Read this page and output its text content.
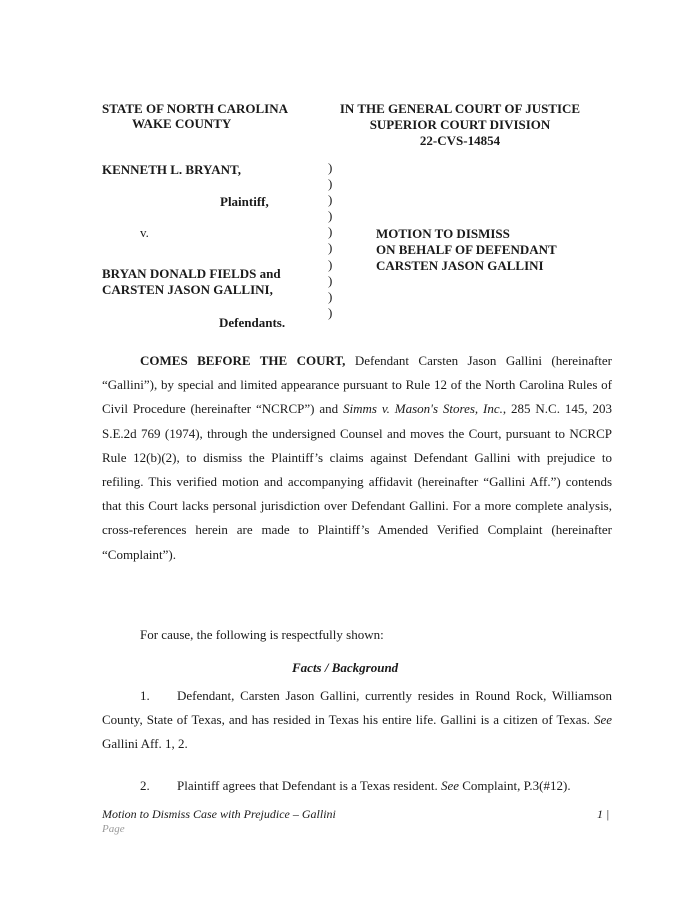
STATE OF NORTH CAROLINA
WAKE COUNTY
IN THE GENERAL COURT OF JUSTICE
SUPERIOR COURT DIVISION
22-CVS-14854
KENNETH L. BRYANT,
Plaintiff,
v.
BRYAN DONALD FIELDS and
CARSTEN JASON GALLINI,
Defendants.
)
)
)
)
)
)
)
)
)
)
MOTION TO DISMISS
ON BEHALF OF DEFENDANT
CARSTEN JASON GALLINI
COMES BEFORE THE COURT, Defendant Carsten Jason Gallini (hereinafter “Gallini”), by special and limited appearance pursuant to Rule 12 of the North Carolina Rules of Civil Procedure (hereinafter “NCRCP”) and Simms v. Mason's Stores, Inc., 285 N.C. 145, 203 S.E.2d 769 (1974), through the undersigned Counsel and moves the Court, pursuant to NCRCP Rule 12(b)(2), to dismiss the Plaintiff’s claims against Defendant Gallini with prejudice to refiling. This verified motion and accompanying affidavit (hereinafter “Gallini Aff.”) contends that this Court lacks personal jurisdiction over Defendant Gallini. For a more complete analysis, cross-references herein are made to Plaintiff’s Amended Verified Complaint (hereinafter “Complaint”).
For cause, the following is respectfully shown:
Facts / Background
1. Defendant, Carsten Jason Gallini, currently resides in Round Rock, Williamson County, State of Texas, and has resided in Texas his entire life. Gallini is a citizen of Texas. See Gallini Aff. 1, 2.
2. Plaintiff agrees that Defendant is a Texas resident. See Complaint, P.3(#12).
Motion to Dismiss Case with Prejudice – Gallini	1 |
Page
